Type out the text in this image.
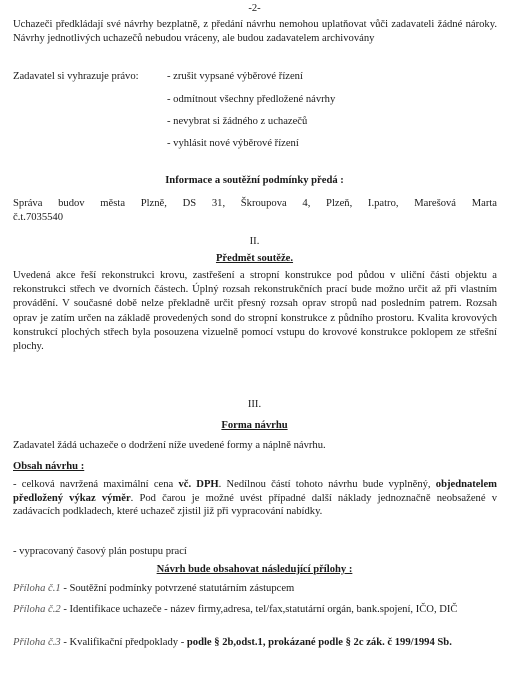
-2-
Uchazeči předkládají své návrhy bezplatně, z předání návrhu nemohou uplatňovat vůči zadavateli žádné nároky. Návrhy jednotlivých uchazečů nebudou vráceny, ale budou zadavatelem archivovány
Zadavatel si vyhrazuje právo:	- zrušit vypsané výběrové řízení
- odmítnout všechny předložené návrhy
- nevybrat si žádného z uchazečů
- vyhlásit nové výběrové řízení
Informace a soutěžní podmínky předá :
Správa budov města Plzně, DS 31, Škroupova 4, Plzeň, I.patro, Marešová Marta
č.t.7035540
II.
Předmět soutěže.
Uvedená akce řeší rekonstrukci krovu, zastřešení a stropní konstrukce pod půdou v uliční části objektu a rekonstrukci střech ve dvorních částech. Úplný rozsah rekonstrukčních prací bude možno určit až při vlastním provádění. V současné době nelze překladně určit přesný rozsah oprav stropů nad posledním patrem. Rozsah oprav je zatím určen na základě provedených sond do stropní konstrukce z půdního prostoru. Kvalita krovových konstrukcí plochých střech byla posouzena vizuelně pomocí vstupu do krovové konstrukce poklopem ze střešní plochy.
III.
Forma návrhu
Zadavatel žádá uchazeče o dodržení níže uvedené formy a náplně návrhu.
Obsah návrhu :
- celková navržená maximální cena vč. DPH. Nedílnou částí tohoto návrhu bude vyplněný, objednatelem předložený výkaz výměr. Pod čarou je možné uvést případné další náklady jednoznačně neobsažené v zadávacích podkladech, které uchazeč zjistil již při vypracování nabídky.
- vypracovaný časový plán postupu prací
Návrh bude obsahovat následující přílohy :
Příloha č.1 - Soutěžní podmínky potvrzené statutárním zástupcem
Příloha č.2 - Identifikace uchazeče - název firmy,adresa, tel/fax,statutární orgán, bank.spojení, IČO, DIČ
Příloha č.3 - Kvalifikační předpoklady - podle § 2b,odst.1, prokázané podle § 2c zák. č 199/1994 Sb.
